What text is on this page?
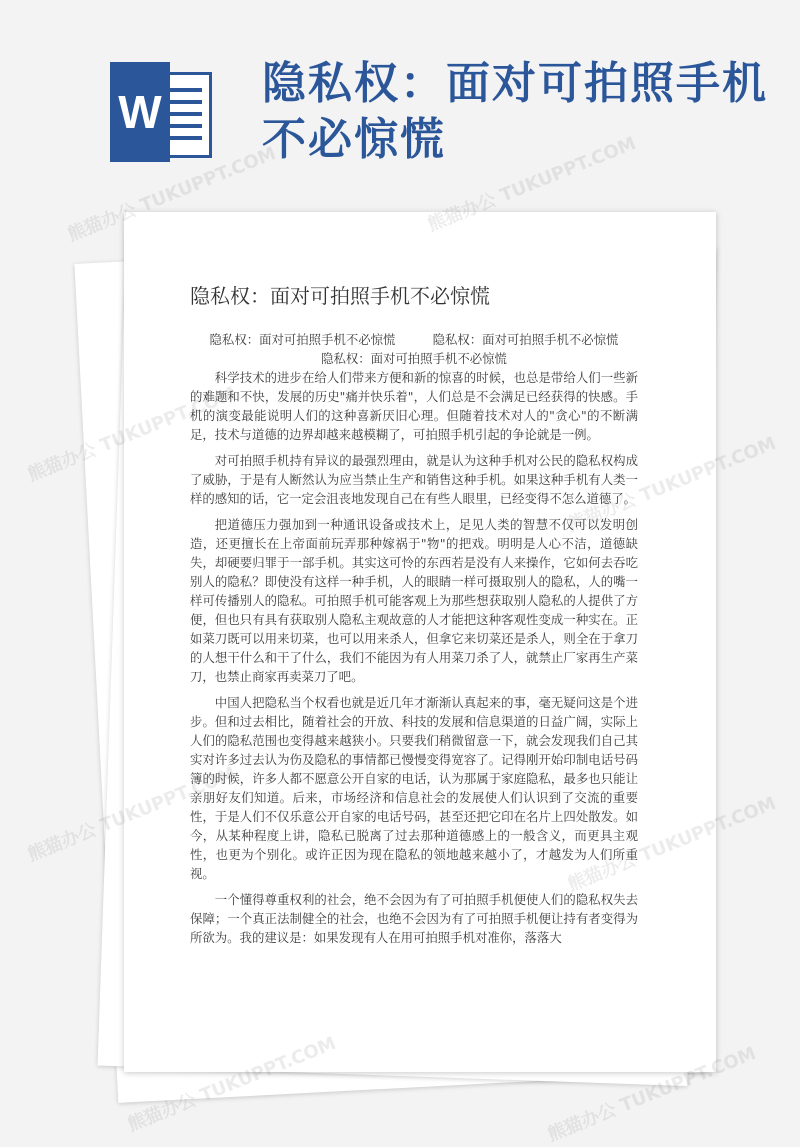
W
隐私权：面对可拍照手机不必惊慌
隐私权：面对可拍照手机不必惊慌
隐私权：面对可拍照手机不必惊慌　　　隐私权：面对可拍照手机不必惊慌
隐私权：面对可拍照手机不必惊慌

科学技术的进步在给人们带来方便和新的惊喜的时候，也总是带给人们一些新的难题和不快，发展的历史"痛并快乐着"，人们总是不会满足已经获得的快感。手机的演变最能说明人们的这种喜新厌旧心理。但随着技术对人的"贪心"的不断满足，技术与道德的边界却越来越模糊了，可拍照手机引起的争论就是一例。

对可拍照手机持有异议的最强烈理由，就是认为这种手机对公民的隐私权构成了威胁，于是有人断然认为应当禁止生产和销售这种手机。如果这种手机有人类一样的感知的话，它一定会沮丧地发现自己在有些人眼里，已经变得不怎么道德了。

把道德压力强加到一种通讯设备或技术上，足见人类的智慧不仅可以发明创造，还更擅长在上帝面前玩弄那种嫁祸于"物"的把戏。明明是人心不洁，道德缺失，却硬要归罪于一部手机。其实这可怜的东西若是没有人来操作，它如何去吞吃别人的隐私？即使没有这样一种手机，人的眼睛一样可摄取别人的隐私，人的嘴一样可传播别人的隐私。可拍照手机可能客观上为那些想获取别人隐私的人提供了方便，但也只有具有获取别人隐私主观故意的人才能把这种客观性变成一种实在。正如菜刀既可以用来切菜，也可以用来杀人，但拿它来切菜还是杀人，则全在于拿刀的人想干什么和干了什么，我们不能因为有人用菜刀杀了人，就禁止厂家再生产菜刀，也禁止商家再卖菜刀了吧。

中国人把隐私当个权看也就是近几年才渐渐认真起来的事，毫无疑问这是个进步。但和过去相比，随着社会的开放、科技的发展和信息渠道的日益广阔，实际上人们的隐私范围也变得越来越狭小。只要我们稍微留意一下，就会发现我们自己其实对许多过去认为伤及隐私的事情都已慢慢变得宽容了。记得刚开始印制电话号码簿的时候，许多人都不愿意公开自家的电话，认为那属于家庭隐私，最多也只能让亲朋好友们知道。后来，市场经济和信息社会的发展使人们认识到了交流的重要性，于是人们不仅乐意公开自家的电话号码，甚至还把它印在名片上四处散发。如今，从某种程度上讲，隐私已脱离了过去那种道德感上的一般含义，而更具主观性，也更为个别化。或许正因为现在隐私的领地越来越小了，才越发为人们所重视。

一个懂得尊重权利的社会，绝不会因为有了可拍照手机便使人们的隐私权失去保障；一个真正法制健全的社会，也绝不会因为有了可拍照手机便让持有者变得为所欲为。我的建议是：如果发现有人在用可拍照手机对准你，落落大

熊猫办公 TUKUPPT.COM	熊猫办公 TUKUPPT.COM
熊猫办公
熊猫办公
熊猫办公 TUKUPPT.COM
